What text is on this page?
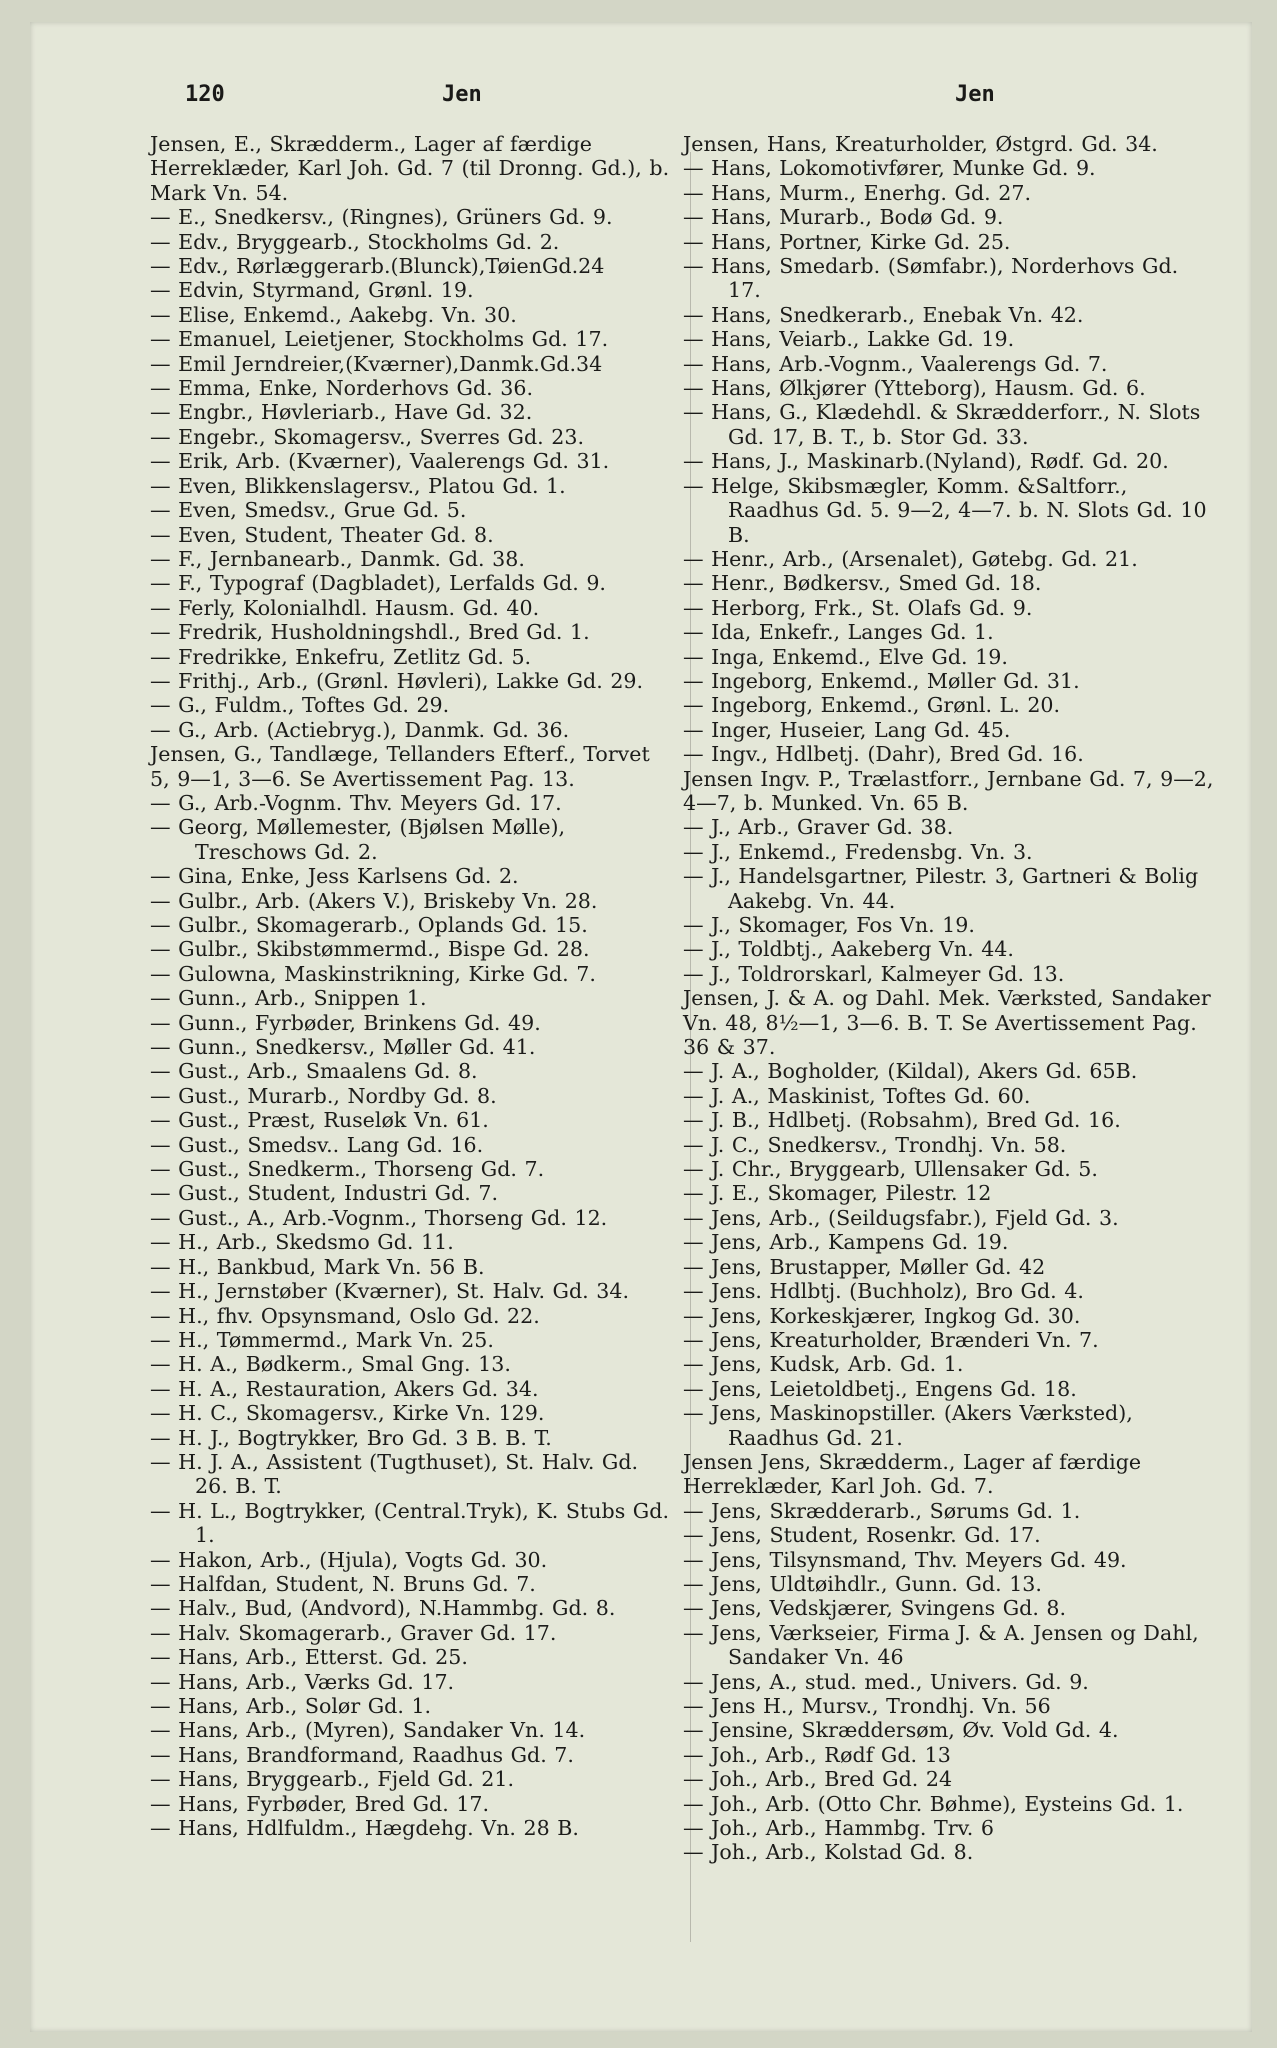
120	Jen	Jen

Jensen, E., Skrædderm., Lager af færdige Herreklæder, Karl Joh. Gd. 7 (til Dronng. Gd.), b. Mark Vn. 54.

— E., Snedkersv., (Ringnes), Grüners Gd. 9.

— Edv., Bryggearb., Stockholms Gd. 2.

— Edv., Rørlæggerarb.(Blunck),TøienGd.24

— Edvin, Styrmand, Grønl. 19.

— Elise, Enkemd., Aakebg. Vn. 30.

— Emanuel, Leietjener, Stockholms Gd. 17.

— Emil Jerndreier,(Kværner),Danmk.Gd.34

— Emma, Enke, Norderhovs Gd. 36.

— Engbr., Høvleriarb., Have Gd. 32.

— Engebr., Skomagersv., Sverres Gd. 23.

— Erik, Arb. (Kværner), Vaalerengs Gd. 31.

— Even, Blikkenslagersv., Platou Gd. 1.

— Even, Smedsv., Grue Gd. 5.

— Even, Student, Theater Gd. 8.

— F., Jernbanearb., Danmk. Gd. 38.

— F., Typograf (Dagbladet), Lerfalds Gd. 9.

— Ferly, Kolonialhdl. Hausm. Gd. 40.

— Fredrik, Husholdningshdl., Bred Gd. 1.

— Fredrikke, Enkefru, Zetlitz Gd. 5.

— Frithj., Arb., (Grønl. Høvleri), Lakke Gd. 29.

— G., Fuldm., Toftes Gd. 29.

— G., Arb. (Actiebryg.), Danmk. Gd. 36.

Jensen, G., Tandlæge, Tellanders Efterf., Torvet 5, 9—1, 3—6. Se Avertissement Pag. 13.

— G., Arb.-Vognm. Thv. Meyers Gd. 17.

— Georg, Møllemester, (Bjølsen Mølle), Treschows Gd. 2.

— Gina, Enke, Jess Karlsens Gd. 2.

— Gulbr., Arb. (Akers V.), Briskeby Vn. 28.

— Gulbr., Skomagerarb., Oplands Gd. 15.

— Gulbr., Skibstømmermd., Bispe Gd. 28.

— Gulowna, Maskinstrikning, Kirke Gd. 7.

— Gunn., Arb., Snippen 1.

— Gunn., Fyrbøder, Brinkens Gd. 49.

— Gunn., Snedkersv., Møller Gd. 41.

— Gust., Arb., Smaalens Gd. 8.

— Gust., Murarb., Nordby Gd. 8.

— Gust., Præst, Ruseløk Vn. 61.

— Gust., Smedsv.. Lang Gd. 16.

— Gust., Snedkerm., Thorseng Gd. 7.

— Gust., Student, Industri Gd. 7.

— Gust., A., Arb.-Vognm., Thorseng Gd. 12.

— H., Arb., Skedsmo Gd. 11.

— H., Bankbud, Mark Vn. 56 B.

— H., Jernstøber (Kværner), St. Halv. Gd. 34.

— H., fhv. Opsynsmand, Oslo Gd. 22.

— H., Tømmermd., Mark Vn. 25.

— H. A., Bødkerm., Smal Gng. 13.

— H. A., Restauration, Akers Gd. 34.

— H. C., Skomagersv., Kirke Vn. 129.

— H. J., Bogtrykker, Bro Gd. 3 B. B. T.

— H. J. A., Assistent (Tugthuset), St. Halv. Gd. 26. B. T.

— H. L., Bogtrykker, (Central.Tryk), K. Stubs Gd. 1.

— Hakon, Arb., (Hjula), Vogts Gd. 30.

— Halfdan, Student, N. Bruns Gd. 7.

— Halv., Bud, (Andvord), N.Hammbg. Gd. 8.

— Halv. Skomagerarb., Graver Gd. 17.

— Hans, Arb., Etterst. Gd. 25.

— Hans, Arb., Værks Gd. 17.

— Hans, Arb., Solør Gd. 1.

— Hans, Arb., (Myren), Sandaker Vn. 14.

— Hans, Brandformand, Raadhus Gd. 7.

— Hans, Bryggearb., Fjeld Gd. 21.

— Hans, Fyrbøder, Bred Gd. 17.

— Hans, Hdlfuldm., Hægdehg. Vn. 28 B.

Jensen, Hans, Kreaturholder, Østgrd. Gd. 34.

— Hans, Lokomotivfører, Munke Gd. 9.

— Hans, Murm., Enerhg. Gd. 27.

— Hans, Murarb., Bodø Gd. 9.

— Hans, Portner, Kirke Gd. 25.

— Hans, Smedarb. (Sømfabr.), Norderhovs Gd. 17.

— Hans, Snedkerarb., Enebak Vn. 42.

— Hans, Veiarb., Lakke Gd. 19.

— Hans, Arb.-Vognm., Vaalerengs Gd. 7.

— Hans, Ølkjører (Ytteborg), Hausm. Gd. 6.

— Hans, G., Klædehdl. & Skrædderforr., N. Slots Gd. 17, B. T., b. Stor Gd. 33.

— Hans, J., Maskinarb.(Nyland), Rødf. Gd. 20.

— Helge, Skibsmægler, Komm. &Saltforr., Raadhus Gd. 5. 9—2, 4—7. b. N. Slots Gd. 10 B.

— Henr., Arb., (Arsenalet), Gøtebg. Gd. 21.

— Henr., Bødkersv., Smed Gd. 18.

— Herborg, Frk., St. Olafs Gd. 9.

— Ida, Enkefr., Langes Gd. 1.

— Inga, Enkemd., Elve Gd. 19.

— Ingeborg, Enkemd., Møller Gd. 31.

— Ingeborg, Enkemd., Grønl. L. 20.

— Inger, Huseier, Lang Gd. 45.

— Ingv., Hdlbetj. (Dahr), Bred Gd. 16.

Jensen Ingv. P., Trælastforr., Jernbane Gd. 7, 9—2, 4—7, b. Munked. Vn. 65 B.

— J., Arb., Graver Gd. 38.

— J., Enkemd., Fredensbg. Vn. 3.

— J., Handelsgartner, Pilestr. 3, Gartneri & Bolig Aakebg. Vn. 44.

— J., Skomager, Fos Vn. 19.

— J., Toldbtj., Aakeberg Vn. 44.

— J., Toldrorskarl, Kalmeyer Gd. 13.

Jensen, J. & A. og Dahl. Mek. Værksted, Sandaker Vn. 48, 8½—1, 3—6. B. T. Se Avertissement Pag. 36 & 37.

— J. A., Bogholder, (Kildal), Akers Gd. 65B.

— J. A., Maskinist, Toftes Gd. 60.

— J. B., Hdlbetj. (Robsahm), Bred Gd. 16.

— J. C., Snedkersv., Trondhj. Vn. 58.

— J. Chr., Bryggearb, Ullensaker Gd. 5.

— J. E., Skomager, Pilestr. 12

— Jens, Arb., (Seildugsfabr.), Fjeld Gd. 3.

— Jens, Arb., Kampens Gd. 19.

— Jens, Brustapper, Møller Gd. 42

— Jens. Hdlbtj. (Buchholz), Bro Gd. 4.

— Jens, Korkeskjærer, Ingkog Gd. 30.

— Jens, Kreaturholder, Brænderi Vn. 7.

— Jens, Kudsk, Arb. Gd. 1.

— Jens, Leietoldbetj., Engens Gd. 18.

— Jens, Maskinopstiller. (Akers Værksted), Raadhus Gd. 21.

Jensen Jens, Skrædderm., Lager af færdige Herreklæder, Karl Joh. Gd. 7.

— Jens, Skrædderarb., Sørums Gd. 1.

— Jens, Student, Rosenkr. Gd. 17.

— Jens, Tilsynsmand, Thv. Meyers Gd. 49.

— Jens, Uldtøihdlr., Gunn. Gd. 13.

— Jens, Vedskjærer, Svingens Gd. 8.

— Jens, Værkseier, Firma J. & A. Jensen og Dahl, Sandaker Vn. 46

— Jens, A., stud. med., Univers. Gd. 9.

— Jens H., Mursv., Trondhj. Vn. 56

— Jensine, Skræddersøm, Øv. Vold Gd. 4.

— Joh., Arb., Rødf Gd. 13

— Joh., Arb., Bred Gd. 24

— Joh., Arb. (Otto Chr. Bøhme), Eysteins Gd. 1.

— Joh., Arb., Hammbg. Trv. 6

— Joh., Arb., Kolstad Gd. 8.
